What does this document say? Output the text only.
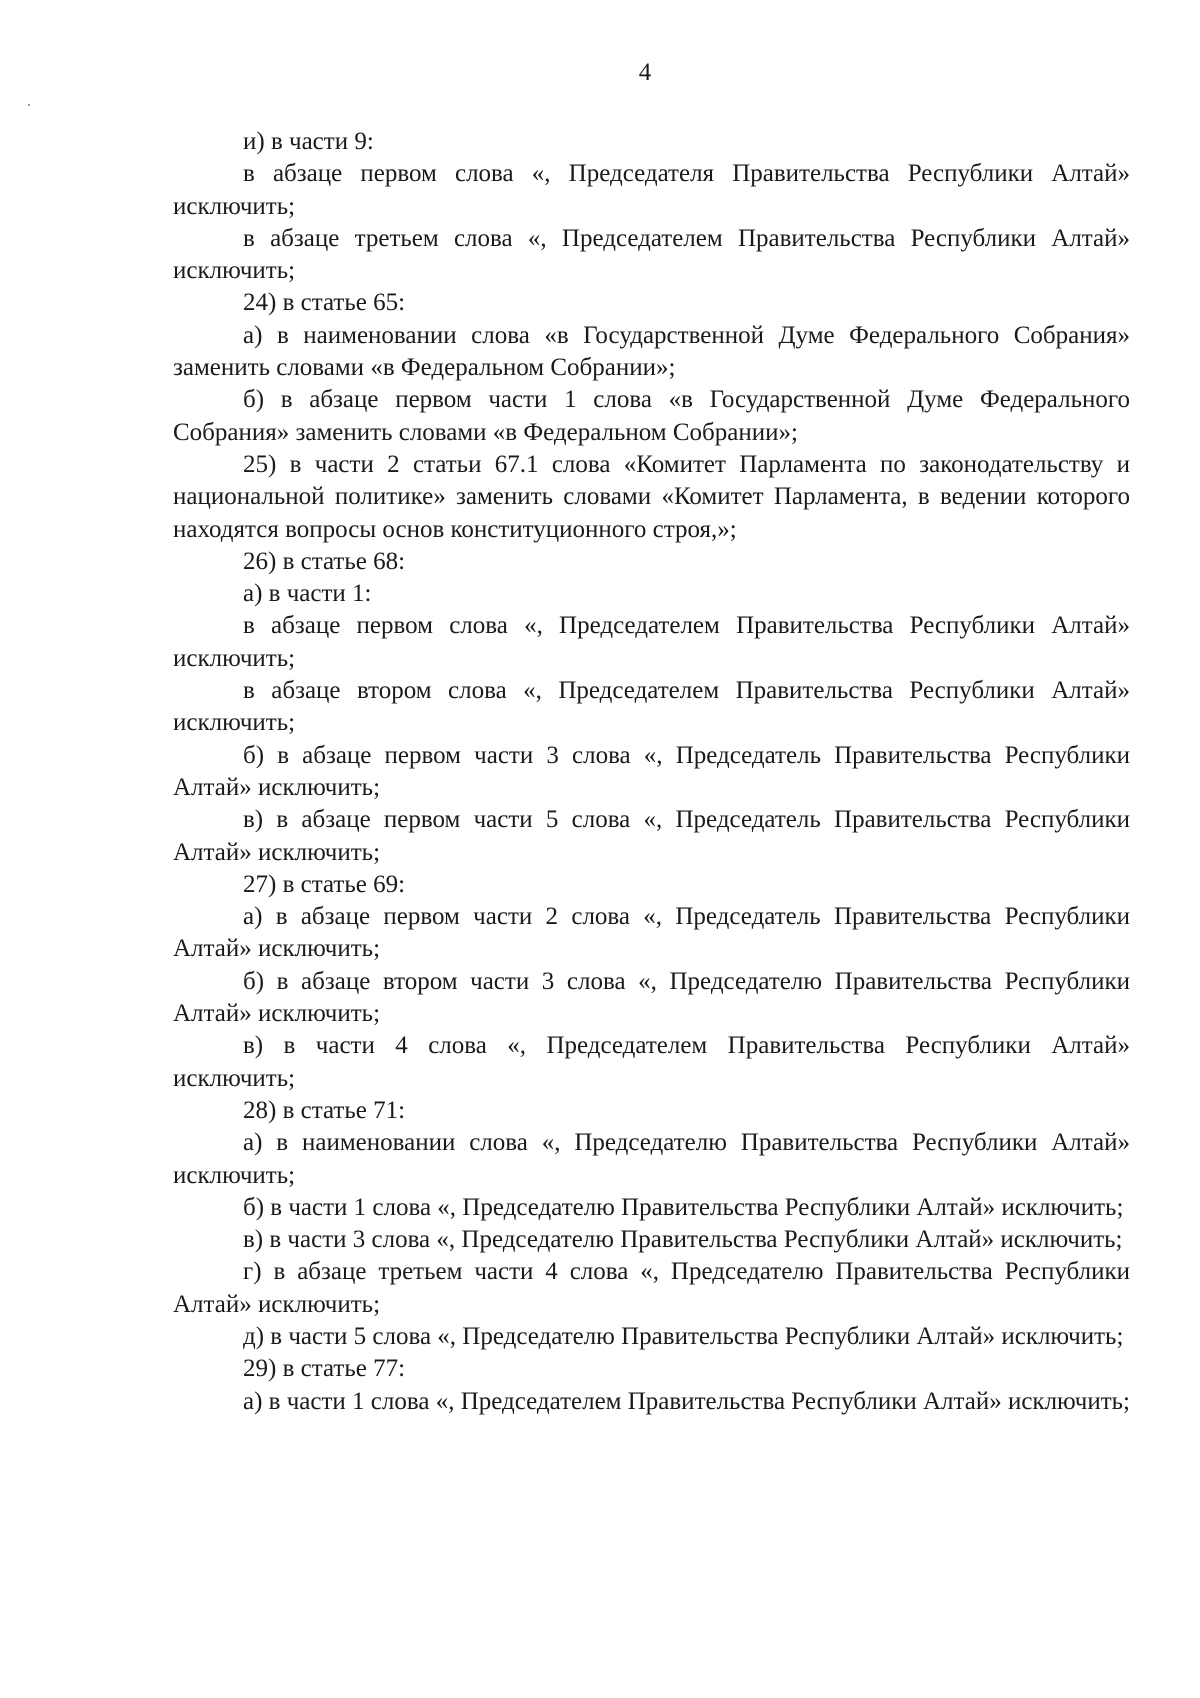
4

и) в части 9:

в абзаце первом слова «, Председателя Правительства Республики Алтай» исключить;

в абзаце третьем слова «, Председателем Правительства Республики Алтай» исключить;

24) в статье 65:

а) в наименовании слова «в Государственной Думе Федерального Собрания» заменить словами «в Федеральном Собрании»;

б) в абзаце первом части 1 слова «в Государственной Думе Федерального Собрания» заменить словами «в Федеральном Собрании»;

25) в части 2 статьи 67.1 слова «Комитет Парламента по законодательству и национальной политике» заменить словами «Комитет Парламента, в ведении которого находятся вопросы основ конституционного строя,»;

26) в статье 68:

а) в части 1:

в абзаце первом слова «, Председателем Правительства Республики Алтай» исключить;

в абзаце втором слова «, Председателем Правительства Республики Алтай» исключить;

б) в абзаце первом части 3 слова «, Председатель Правительства Республики Алтай» исключить;

в) в абзаце первом части 5 слова «, Председатель Правительства Республики Алтай» исключить;

27) в статье 69:

а) в абзаце первом части 2 слова «, Председатель Правительства Республики Алтай» исключить;

б) в абзаце втором части 3 слова «, Председателю Правительства Республики Алтай» исключить;

в) в части 4 слова «, Председателем Правительства Республики Алтай» исключить;

28) в статье 71:

а) в наименовании слова «, Председателю Правительства Республики Алтай» исключить;

б) в части 1 слова «, Председателю Правительства Республики Алтай» исключить;

в) в части 3 слова «, Председателю Правительства Республики Алтай» исключить;

г) в абзаце третьем части 4 слова «, Председателю Правительства Республики Алтай» исключить;

д) в части 5 слова «, Председателю Правительства Республики Алтай» исключить;

29) в статье 77:

а) в части 1 слова «, Председателем Правительства Республики Алтай» исключить;
